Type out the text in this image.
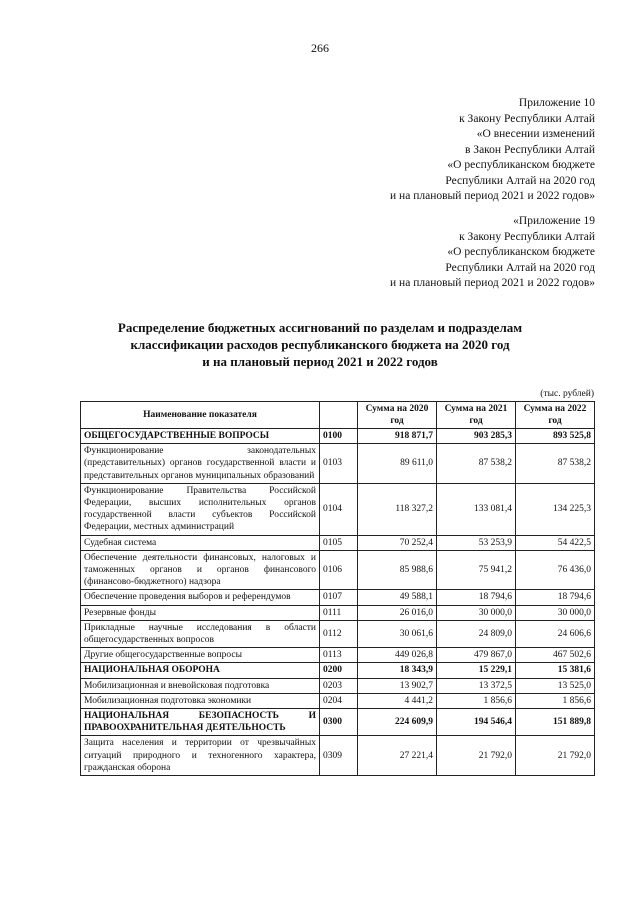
266
Приложение 10
к Закону Республики Алтай
«О внесении изменений
в Закон Республики Алтай
«О республиканском бюджете
Республики Алтай на 2020 год
и на плановый период 2021 и 2022 годов»
«Приложение 19
к Закону Республики Алтай
«О республиканском бюджете
Республики Алтай на 2020 год
и на плановый период 2021 и 2022 годов»
Распределение бюджетных ассигнований по разделам и подразделам
классификации расходов республиканского бюджета на 2020 год
и на плановый период 2021 и 2022 годов
(тыс. рублей)
Наименование показателя		Сумма на 2020 год	Сумма на 2021 год	Сумма на 2022 год
ОБЩЕГОСУДАРСТВЕННЫЕ ВОПРОСЫ	0100	918 871,7	903 285,3	893 525,8
Функционирование законодательных (представительных) органов государственной власти и представительных органов муниципальных образований	0103	89 611,0	87 538,2	87 538,2
Функционирование Правительства Российской Федерации, высших исполнительных органов государственной власти субъектов Российской Федерации, местных администраций	0104	118 327,2	133 081,4	134 225,3
Судебная система	0105	70 252,4	53 253,9	54 422,5
Обеспечение деятельности финансовых, налоговых и таможенных органов и органов финансового (финансово-бюджетного) надзора	0106	85 988,6	75 941,2	76 436,0
Обеспечение проведения выборов и референдумов	0107	49 588,1	18 794,6	18 794,6
Резервные фонды	0111	26 016,0	30 000,0	30 000,0
Прикладные научные исследования в области общегосударственных вопросов	0112	30 061,6	24 809,0	24 606,6
Другие общегосударственные вопросы	0113	449 026,8	479 867,0	467 502,6
НАЦИОНАЛЬНАЯ ОБОРОНА	0200	18 343,9	15 229,1	15 381,6
Мобилизационная и вневойсковая подготовка	0203	13 902,7	13 372,5	13 525,0
Мобилизационная подготовка экономики	0204	4 441,2	1 856,6	1 856,6
НАЦИОНАЛЬНАЯ БЕЗОПАСНОСТЬ И ПРАВООХРАНИТЕЛЬНАЯ ДЕЯТЕЛЬНОСТЬ	0300	224 609,9	194 546,4	151 889,8
Защита населения и территории от чрезвычайных ситуаций природного и техногенного характера, гражданская оборона	0309	27 221,4	21 792,0	21 792,0
